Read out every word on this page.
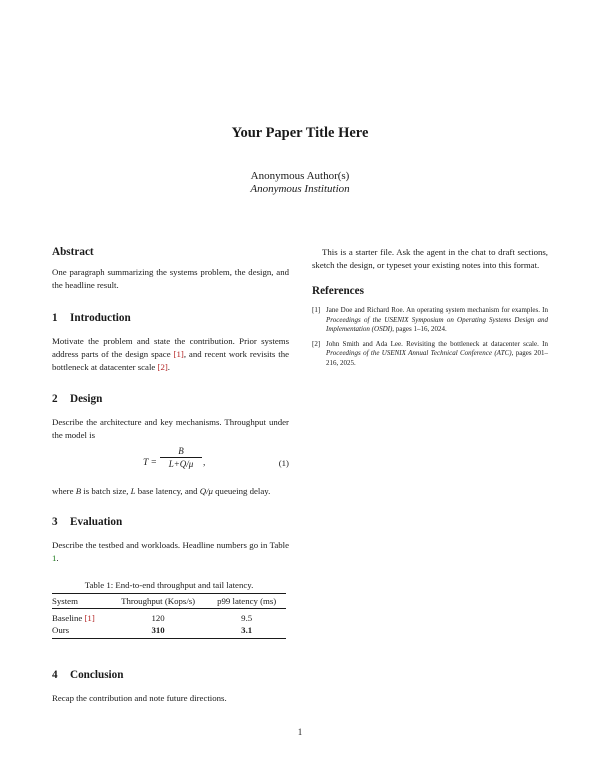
Your Paper Title Here
Anonymous Author(s)
Anonymous Institution
Abstract

One paragraph summarizing the systems problem, the design, and the headline result.

1 Introduction

Motivate the problem and state the contribution. Prior systems address parts of the design space [1], and recent work revisits the bottleneck at datacenter scale [2].

2 Design

Describe the architecture and key mechanisms. Throughput under the model is

T =
B
L+Q/μ	,	(1)

where B is batch size, L base latency, and Q/μ queueing delay.

3 Evaluation

Describe the testbed and workloads. Headline numbers go in Table 1.

Table 1: End-to-end throughput and tail latency.

System	Throughput (Kops/s)	p99 latency (ms)
Baseline [1]	120	9.5
Ours	310	3.1
4 Conclusion

Recap the contribution and note future directions.

This is a starter file. Ask the agent in the chat to draft sections, sketch the design, or typeset your existing notes into this format.

References
[1] Jane Doe and Richard Roe. An operating system mechanism for examples. In Proceedings of the USENIX Symposium on Operating Systems Design and Implementation (OSDI), pages 1–16, 2024.
[2] John Smith and Ada Lee. Revisiting the bottleneck at datacenter scale. In Proceedings of the USENIX Annual Technical Conference (ATC), pages 201–216, 2025.
1
